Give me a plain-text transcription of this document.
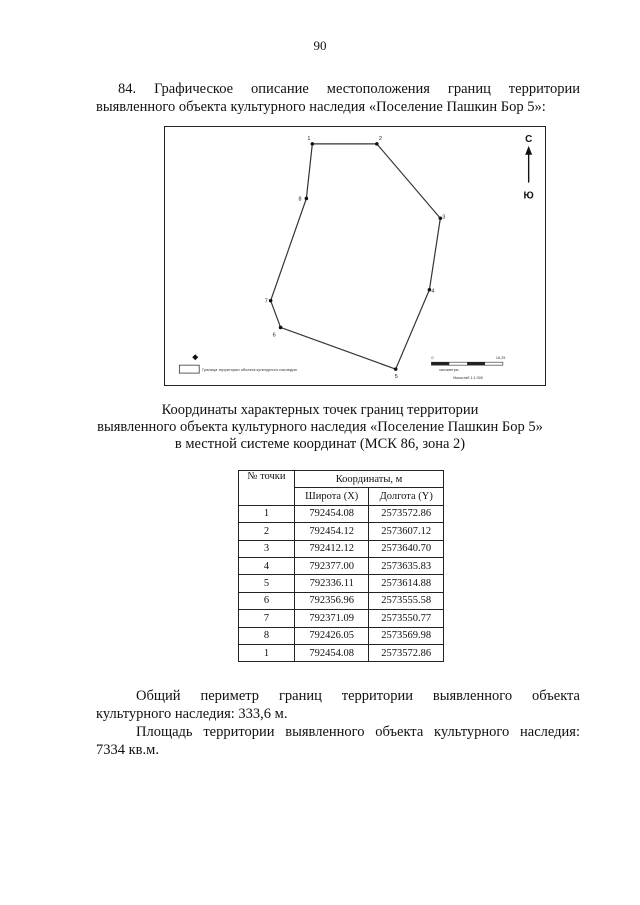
90
84. Графическое описание местоположения границ территории
выявленного объекта культурного наследия «Поселение Пашкин Бор 5»:
1	2
3
4
5
6
7
8
С
Ю
Граница территории объекта культурного наследия
0	16,25
километры
Масштаб 1:1 000
Координаты характерных точек границ территории
выявленного объекта культурного наследия «Поселение Пашкин Бор 5»
в местной системе координат (МСК 86, зона 2)
№ точки	Координаты, м	
	Широта (X)	Долгота (Y)
1	792454.08	2573572.86
2	792454.12	2573607.12
3	792412.12	2573640.70
4	792377.00	2573635.83
5	792336.11	2573614.88
6	792356.96	2573555.58
7	792371.09	2573550.77
8	792426.05	2573569.98
1	792454.08	2573572.86
Общий периметр границ территории выявленного объекта
культурного наследия: 333,6 м.
Площадь территории выявленного объекта культурного наследия:
7334 кв.м.
